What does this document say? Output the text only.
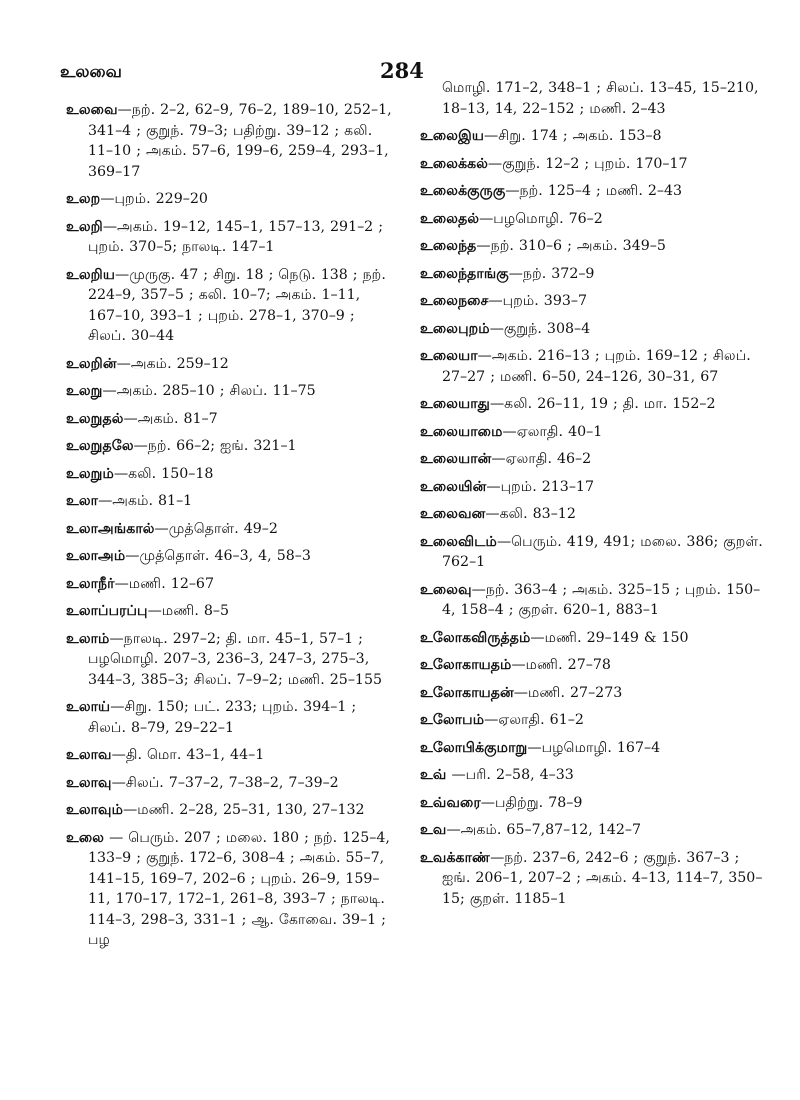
உலவை	284
உலவை—நற். 2–2, 62–9, 76–2, 189–10, 252–1, 341–4 ; குறுந். 79–3; பதிற்று. 39–12 ; கலி. 11–10 ; அகம். 57–6, 199–6, 259–4, 293–1, 369–17
உலற—புறம். 229–20
உலறி—அகம். 19–12, 145–1, 157–13, 291–2 ; புறம். 370–5; நாலடி. 147–1
உலறிய—முருகு. 47 ; சிறு. 18 ; நெடு. 138 ; நற். 224–9, 357–5 ; கலி. 10–7; அகம். 1–11, 167–10, 393–1 ; புறம். 278–1, 370–9 ; சிலப். 30–44
உலறின்—அகம். 259–12
உலறு—அகம். 285–10 ; சிலப். 11–75
உலறுதல்—அகம். 81–7
உலறுதலே—நற். 66–2; ஐங். 321–1
உலறும்—கலி. 150–18
உலா—அகம். 81–1
உலாஅங்கால்—முத்தொள். 49–2
உலாஅம்—முத்தொள். 46–3, 4, 58–3
உலாநீர்—மணி. 12–67
உலாப்பரப்பு—மணி. 8–5
உலாம்—நாலடி. 297–2; தி. மா. 45–1, 57–1 ; பழமொழி. 207–3, 236–3, 247–3, 275–3, 344–3, 385–3; சிலப். 7–9–2; மணி. 25–155
உலாய்—சிறு. 150; பட். 233; புறம். 394–1 ; சிலப். 8–79, 29–22–1
உலாவ—தி. மொ. 43–1, 44–1
உலாவு—சிலப். 7–37–2, 7–38–2, 7–39–2
உலாவும்—மணி. 2–28, 25–31, 130, 27–132
உலை — பெரும். 207 ; மலை. 180 ; நற். 125–4, 133–9 ; குறுந். 172–6, 308–4 ; அகம். 55–7, 141–15, 169–7, 202–6 ; புறம். 26–9, 159–11, 170–17, 172–1, 261–8, 393–7 ; நாலடி. 114–3, 298–3, 331–1 ; ஆ. கோவை. 39–1 ; பழ
மொழி. 171–2, 348–1 ; சிலப். 13–45, 15–210, 18–13, 14, 22–152 ; மணி. 2–43
உலைஇய—சிறு. 174 ; அகம். 153–8
உலைக்கல்—குறுந். 12–2 ; புறம். 170–17
உலைக்குருகு—நற். 125–4 ; மணி. 2–43
உலைதல்—பழமொழி. 76–2
உலைந்த—நற். 310–6 ; அகம். 349–5
உலைந்தாங்கு—நற். 372–9
உலைநசை—புறம். 393–7
உலைபுறம்—குறுந். 308–4
உலையா—அகம். 216–13 ; புறம். 169–12 ; சிலப். 27–27 ; மணி. 6–50, 24–126, 30–31, 67
உலையாது—கலி. 26–11, 19 ; தி. மா. 152–2
உலையாமை—ஏலாதி. 40–1
உலையான்—ஏலாதி. 46–2
உலையின்—புறம். 213–17
உலைவன—கலி. 83–12
உலைவிடம்—பெரும். 419, 491; மலை. 386; குறள். 762–1
உலைவு—நற். 363–4 ; அகம். 325–15 ; புறம். 150–4, 158–4 ; குறள். 620–1, 883–1
உலோகவிருத்தம்—மணி. 29–149 & 150
உலோகாயதம்—மணி. 27–78
உலோகாயதன்—மணி. 27–273
உலோபம்—ஏலாதி. 61–2
உலோபிக்குமாறு—பழமொழி. 167–4
உவ் —பரி. 2–58, 4–33
உவ்வரை—பதிற்று. 78–9
உவ—அகம். 65–7,87–12, 142–7
உவக்காண்—நற். 237–6, 242–6 ; குறுந். 367–3 ; ஐங். 206–1, 207–2 ; அகம். 4–13, 114–7, 350–15; குறள். 1185–1
